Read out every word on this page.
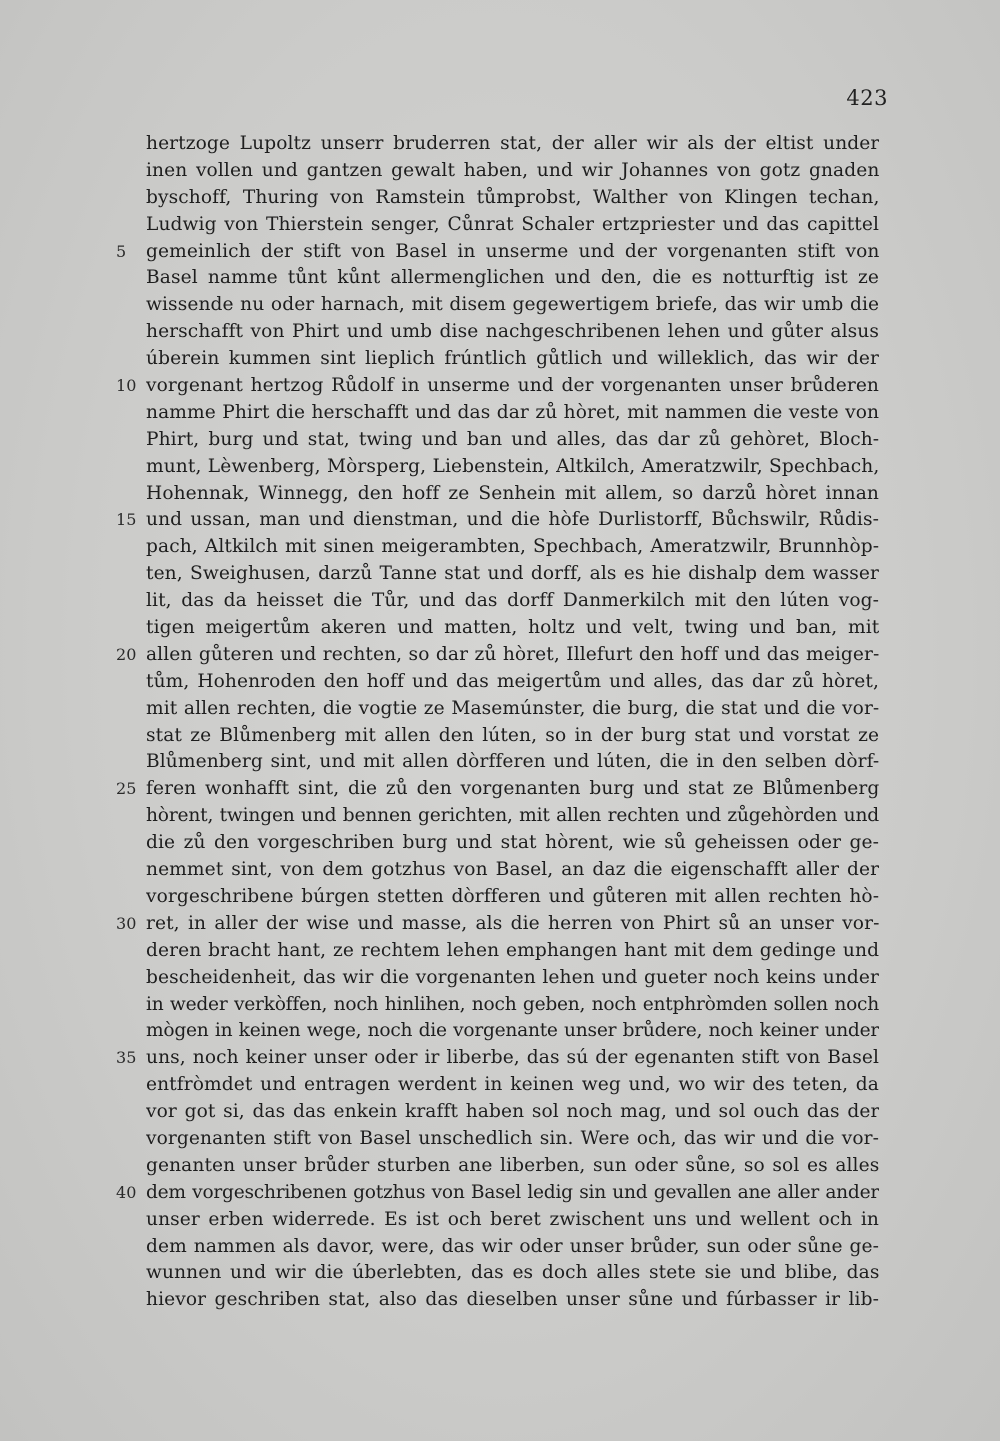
423
hertzoge Lupoltz unserr bruderren stat, der aller wir als der eltist under
inen vollen und gantzen gewalt haben, und wir Johannes von gotz gnaden
byschoff, Thuring von Ramstein tůmprobst, Walther von Klingen techan,
Ludwig von Thierstein senger, Cůnrat Schaler ertzpriester und das capittel
5	gemeinlich der stift von Basel in unserme und der vorgenanten stift von
Basel namme tůnt kůnt allermenglichen und den, die es notturftig ist ze
wissende nu oder harnach, mit disem gegewertigem briefe, das wir umb die
herschafft von Phirt und umb dise nachgeschribenen lehen und gůter alsus
úberein kummen sint lieplich frúntlich gůtlich und willeklich, das wir der
10 vorgenant hertzog Růdolf in unserme und der vorgenanten unser brůderen
namme Phirt die herschafft und das dar zů hòret, mit nammen die veste von
Phirt, burg und stat, twing und ban und alles, das dar zů gehòret, Bloch-
munt, Lèwenberg, Mòrsperg, Liebenstein, Altkilch, Ameratzwilr, Spechbach,
Hohennak, Winnegg, den hoff ze Senhein mit allem, so darzů hòret innan
15 und ussan, man und dienstman, und die hòfe Durlistorff, Bůchswilr, Růdis-
pach, Altkilch mit sinen meigerambten, Spechbach, Ameratzwilr, Brunnhòp-
ten, Sweighusen, darzů Tanne stat und dorff, als es hie dishalp dem wasser
lit, das da heisset die Tůr, und das dorff Danmerkilch mit den lúten vog-
tigen meigertům akeren und matten, holtz und velt, twing und ban, mit
20 allen gůteren und rechten, so dar zů hòret, Illefurt den hoff und das meiger-
tům, Hohenroden den hoff und das meigertům und alles, das dar zů hòret,
mit allen rechten, die vogtie ze Masemúnster, die burg, die stat und die vor-
stat ze Blůmenberg mit allen den lúten, so in der burg stat und vorstat ze
Blůmenberg sint, und mit allen dòrfferen und lúten, die in den selben dòrf-
25 feren wonhafft sint, die zů den vorgenanten burg und stat ze Blůmenberg
hòrent, twingen und bennen gerichten, mit allen rechten und zůgehòrden und
die zů den vorgeschriben burg und stat hòrent, wie sů geheissen oder ge-
nemmet sint, von dem gotzhus von Basel, an daz die eigenschafft aller der
vorgeschribene búrgen stetten dòrfferen und gůteren mit allen rechten hò-
30 ret, in aller der wise und masse, als die herren von Phirt sů an unser vor-
deren bracht hant, ze rechtem lehen emphangen hant mit dem gedinge und
bescheidenheit, das wir die vorgenanten lehen und gueter noch keins under
in weder verkòffen, noch hinlihen, noch geben, noch entphròmden sollen noch
mògen in keinen wege, noch die vorgenante unser brůdere, noch keiner under
35 uns, noch keiner unser oder ir liberbe, das sú der egenanten stift von Basel
entfròmdet und entragen werdent in keinen weg und, wo wir des teten, da
vor got si, das das enkein krafft haben sol noch mag, und sol ouch das der
vorgenanten stift von Basel unschedlich sin. Were och, das wir und die vor-
genanten unser brůder sturben ane liberben, sun oder sůne, so sol es alles
40 dem vorgeschribenen gotzhus von Basel ledig sin und gevallen ane aller ander
unser erben widerrede. Es ist och beret zwischent uns und wellent och in
dem nammen als davor, were, das wir oder unser brůder, sun oder sůne ge-
wunnen und wir die úberlebten, das es doch alles stete sie und blibe, das
hievor geschriben stat, also das dieselben unser sůne und fúrbasser ir lib-
